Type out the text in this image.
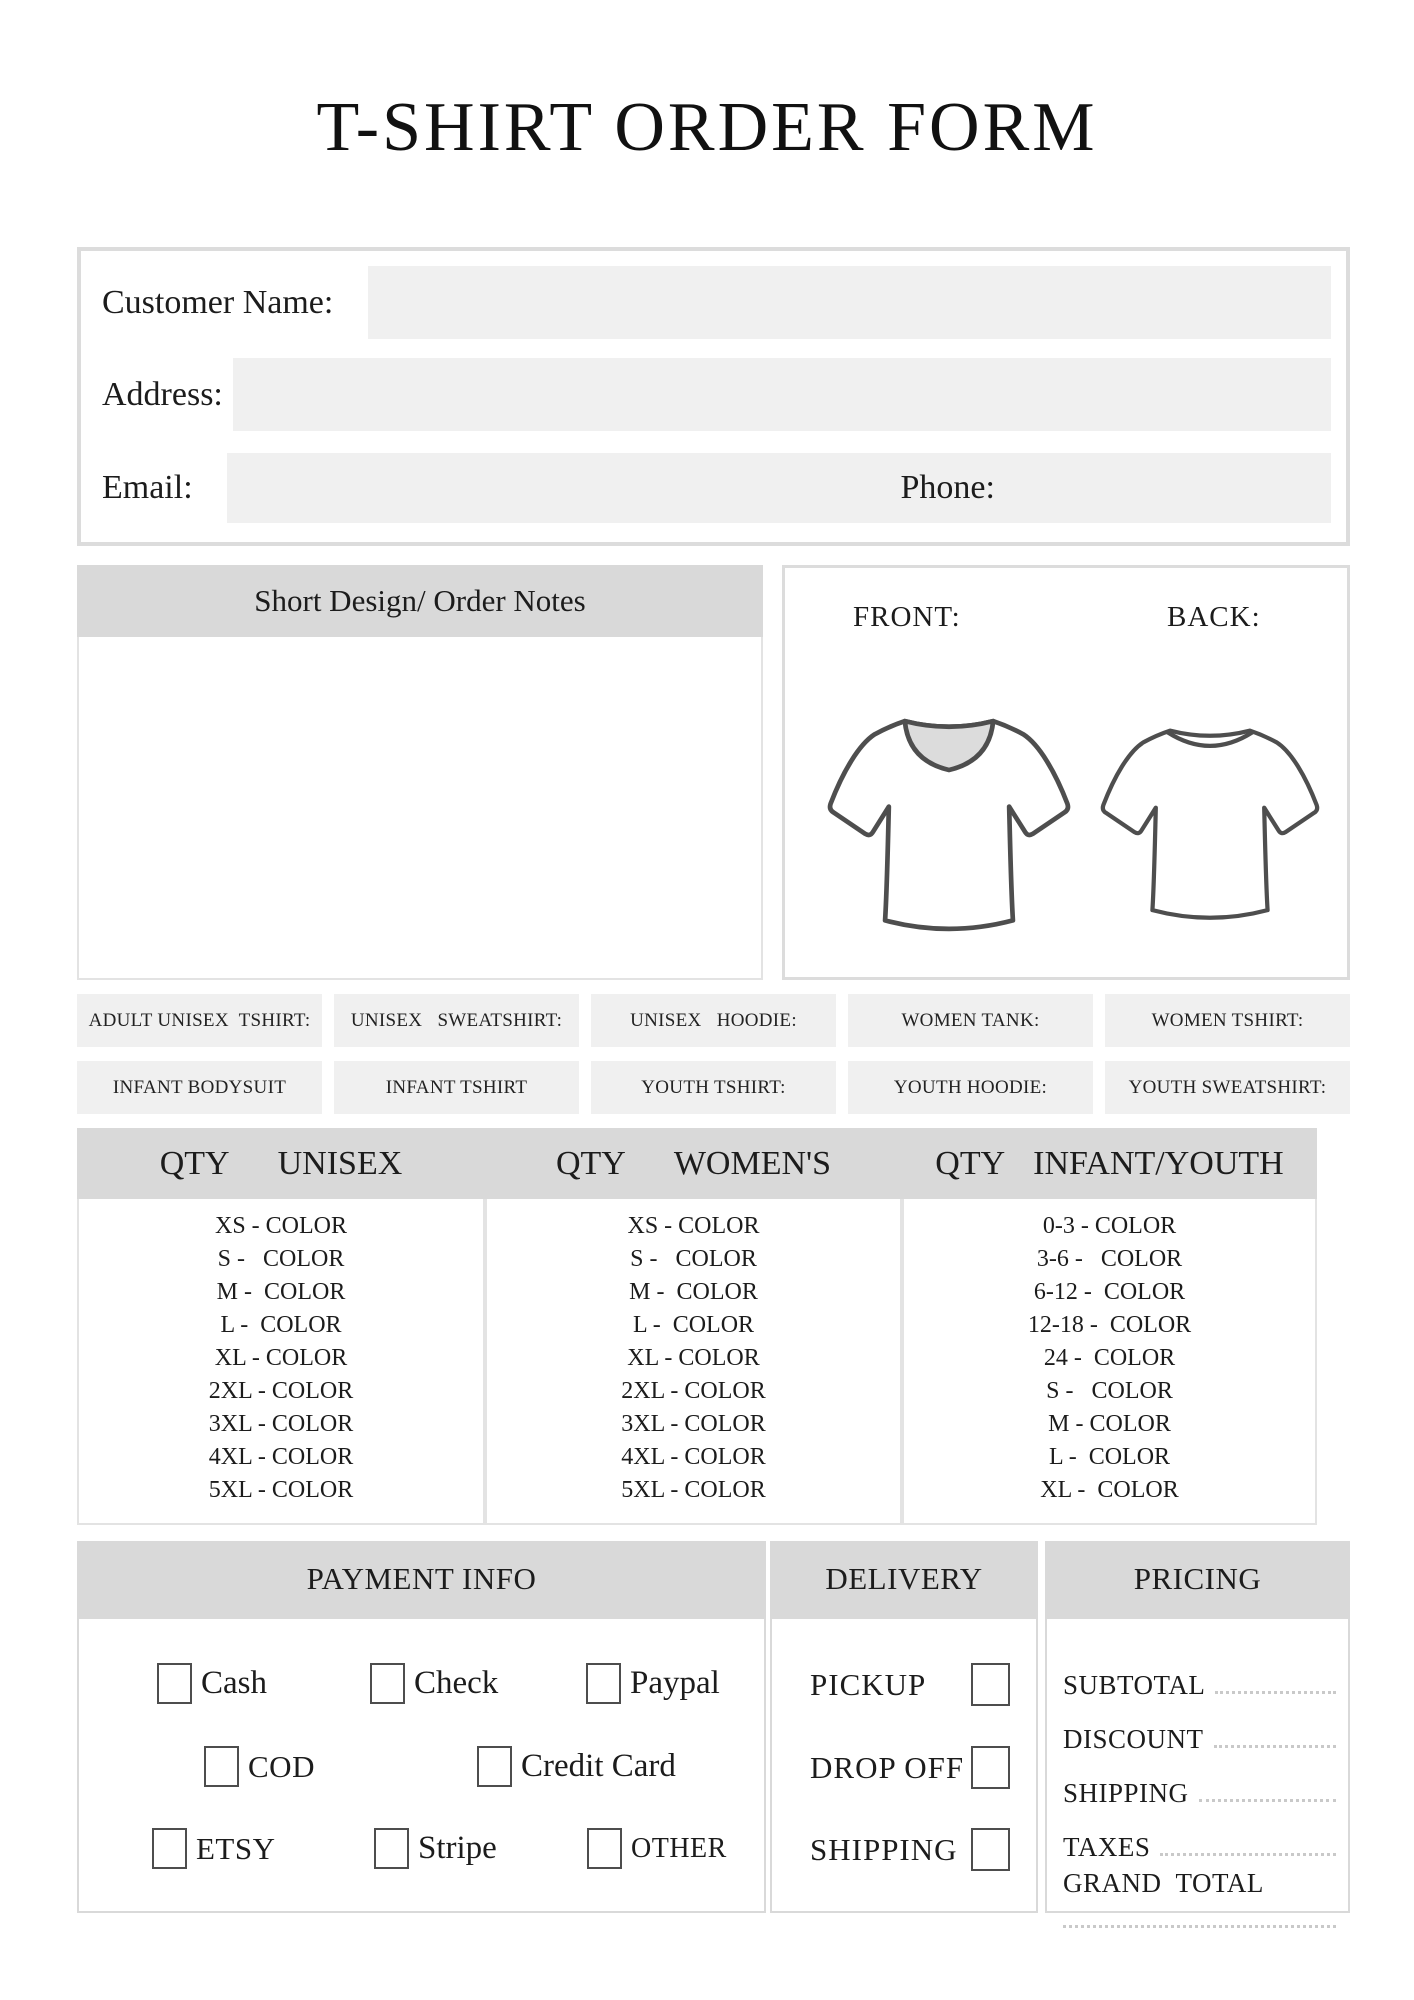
T-SHIRT ORDER FORM
Customer Name:
Address:
Email:	Phone:
Short Design/ Order Notes	FRONT:	BACK:
ADULT UNISEX  TSHIRT:	UNISEX   SWEATSHIRT:	UNISEX   HOODIE:	WOMEN TANK:	WOMEN TSHIRT:
INFANT BODYSUIT	INFANT TSHIRT	YOUTH TSHIRT:	YOUTH HOODIE:	YOUTH SWEATSHIRT:
QTY UNISEX
XS - COLOR
S -   COLOR
M -  COLOR
L -  COLOR
XL - COLOR
2XL - COLOR
3XL - COLOR
4XL - COLOR
5XL - COLOR
QTY WOMEN'S
XS - COLOR
S -   COLOR
M -  COLOR
L -  COLOR
XL - COLOR
2XL - COLOR
3XL - COLOR
4XL - COLOR
5XL - COLOR
QTY INFANT/YOUTH
0-3 - COLOR
3-6 -   COLOR
6-12 -  COLOR
12-18 -  COLOR
24 -  COLOR
S -   COLOR
M - COLOR
L -  COLOR
XL -  COLOR
PAYMENT INFO	DELIVERY	PRICING
Cash	Check	Paypal
COD	Credit Card
ETSY	Stripe	OTHER
PICKUP
DROP OFF
SHIPPING
SUBTOTAL
DISCOUNT
SHIPPING
TAXES
GRAND  TOTAL
